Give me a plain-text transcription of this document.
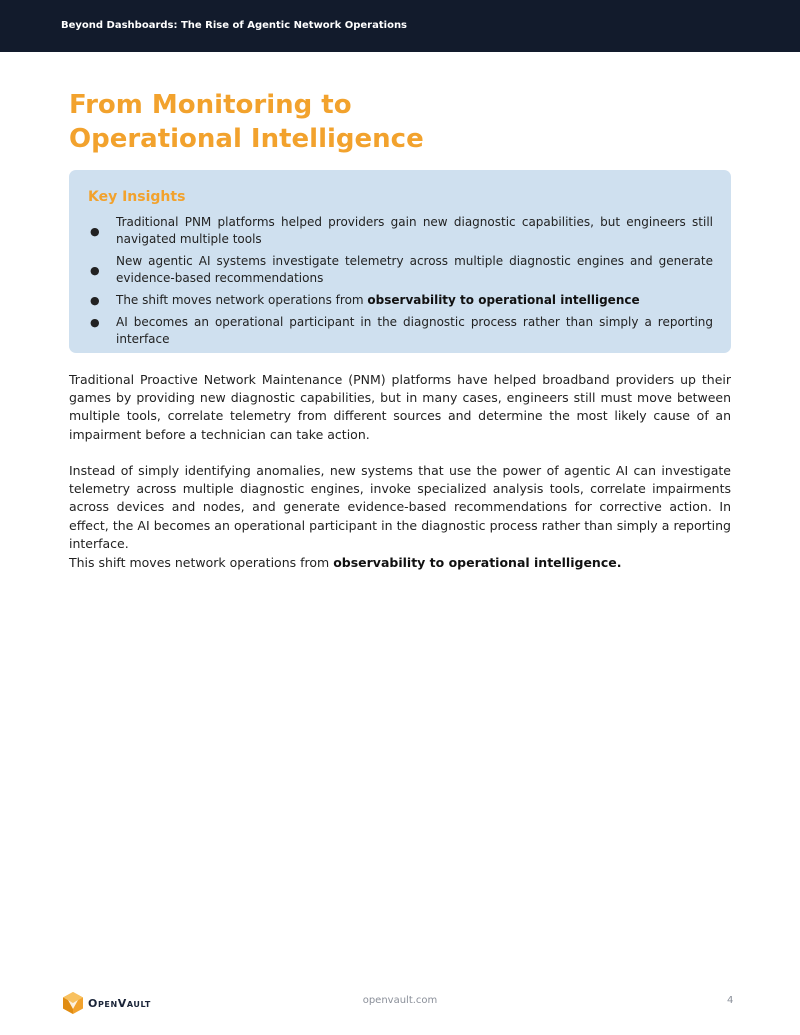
Beyond Dashboards: The Rise of Agentic Network Operations
From Monitoring to
Operational Intelligence
Key Insights
●
Traditional PNM platforms helped providers gain new diagnostic capabilities, but engineers still navigated multiple tools
●
New agentic AI systems investigate telemetry across multiple diagnostic engines and generate evidence-based recommendations
● The shift moves network operations from observability to operational intelligence
● AI becomes an operational participant in the diagnostic process rather than simply a reporting interface

Traditional Proactive Network Maintenance (PNM) platforms have helped broadband providers up their games by providing new diagnostic capabilities, but in many cases, engineers still must move between multiple tools, correlate telemetry from different sources and determine the most likely cause of an impairment before a technician can take action.

Instead of simply identifying anomalies, new systems that use the power of agentic AI can investigate telemetry across multiple diagnostic engines, invoke specialized analysis tools, correlate impairments across devices and nodes, and generate evidence-based recommendations for corrective action. In effect, the AI becomes an operational participant in the diagnostic process rather than simply a reporting interface.

This shift moves network operations from observability to operational intelligence.

OpenVault	openvault.com	4
